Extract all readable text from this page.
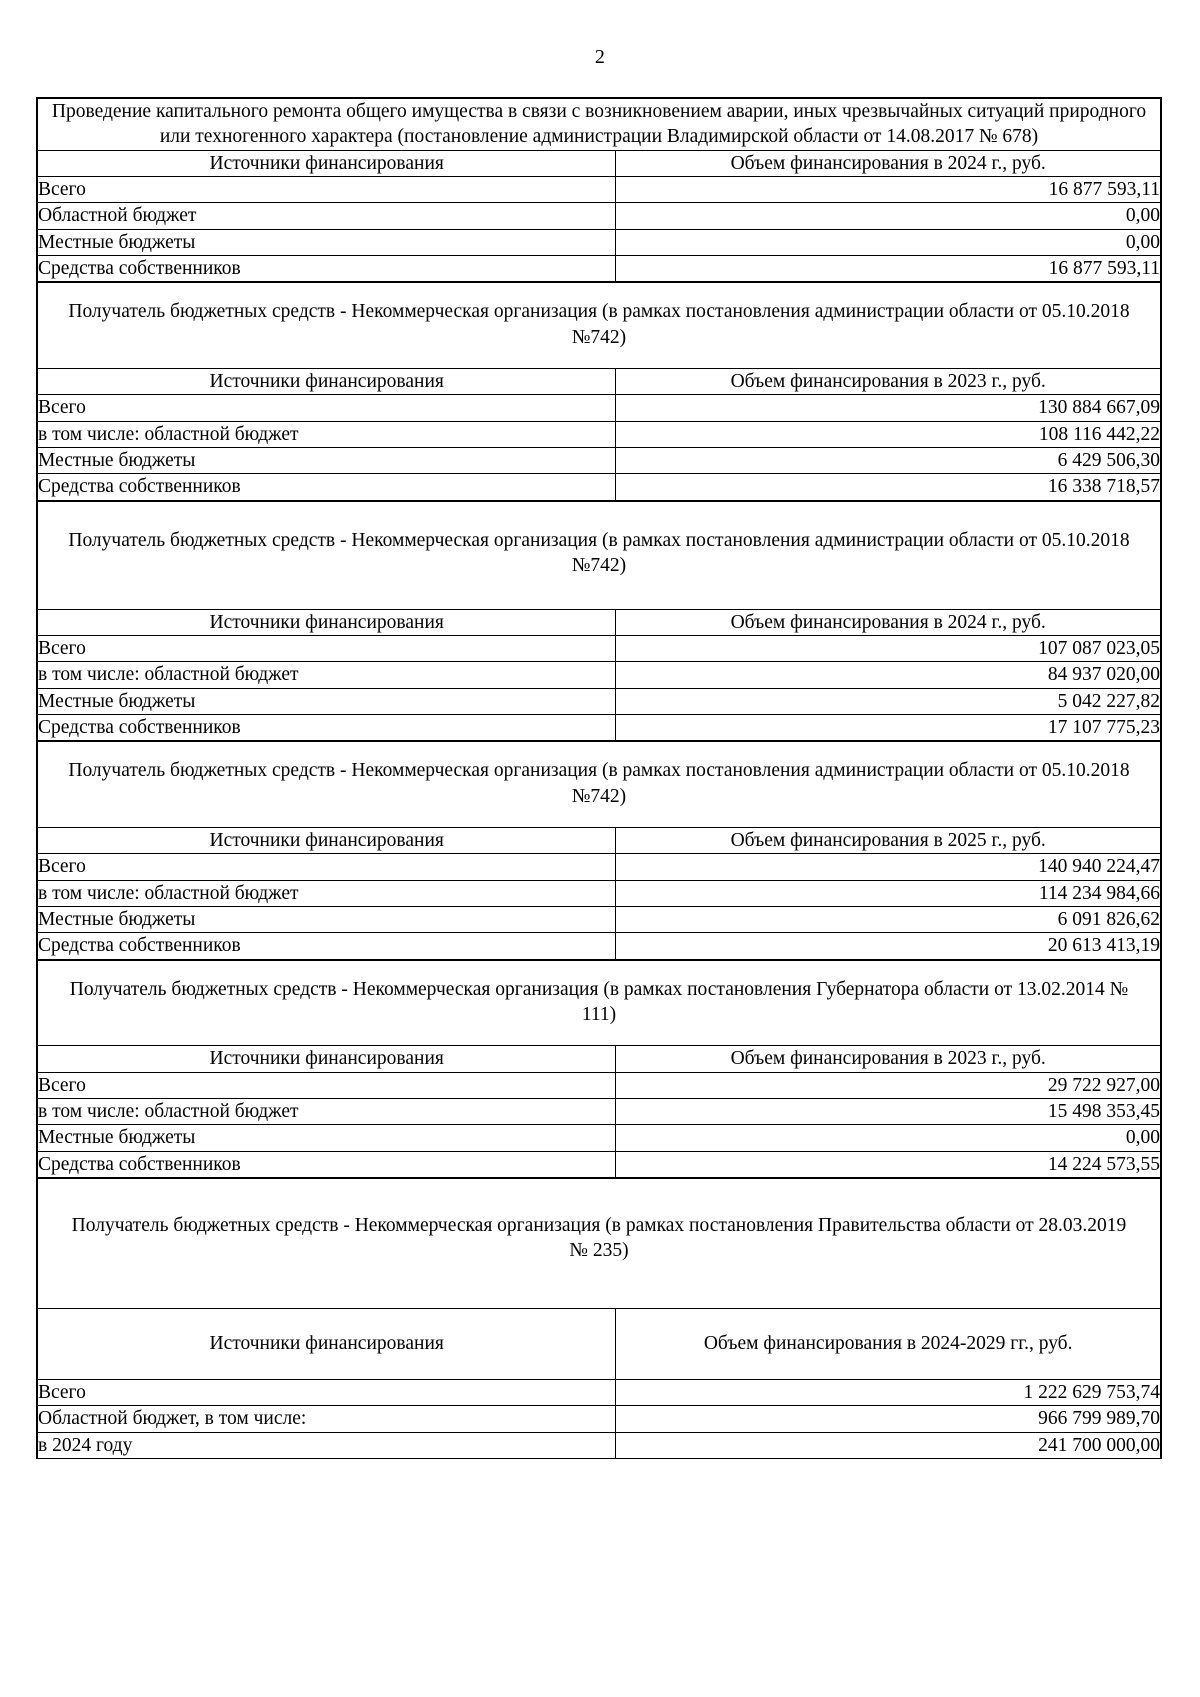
2
Проведение капитального ремонта общего имущества в связи с возникновением аварии, иных чрезвычайных ситуаций природного или техногенного характера (постановление администрации Владимирской области от 14.08.2017 № 678)	
Источники финансирования	Объем финансирования в 2024 г., руб.
Всего	16 877 593,11
Областной бюджет	0,00
Местные бюджеты	0,00
Средства собственников	16 877 593,11
Получатель бюджетных средств - Некоммерческая организация (в рамках постановления администрации области от 05.10.2018 №742)	
Источники финансирования	Объем финансирования в 2023 г., руб.
Всего	130 884 667,09
в том числе: областной бюджет	108 116 442,22
Местные бюджеты	6 429 506,30
Средства собственников	16 338 718,57
Получатель бюджетных средств - Некоммерческая организация (в рамках постановления администрации области от 05.10.2018 №742)	
Источники финансирования	Объем финансирования в 2024 г., руб.
Всего	107 087 023,05
в том числе: областной бюджет	84 937 020,00
Местные бюджеты	5 042 227,82
Средства собственников	17 107 775,23
Получатель бюджетных средств - Некоммерческая организация (в рамках постановления администрации области от 05.10.2018 №742)	
Источники финансирования	Объем финансирования в 2025 г., руб.
Всего	140 940 224,47
в том числе: областной бюджет	114 234 984,66
Местные бюджеты	6 091 826,62
Средства собственников	20 613 413,19
Получатель бюджетных средств - Некоммерческая организация (в рамках постановления Губернатора области от 13.02.2014 № 111)	
Источники финансирования	Объем финансирования в 2023 г., руб.
Всего	29 722 927,00
в том числе: областной бюджет	15 498 353,45
Местные бюджеты	0,00
Средства собственников	14 224 573,55
Получатель бюджетных средств - Некоммерческая организация (в рамках постановления Правительства области от 28.03.2019 № 235)	
Источники финансирования	Объем финансирования в 2024-2029 гг., руб.
Всего	1 222 629 753,74
Областной бюджет, в том числе:	966 799 989,70
в 2024 году	241 700 000,00
